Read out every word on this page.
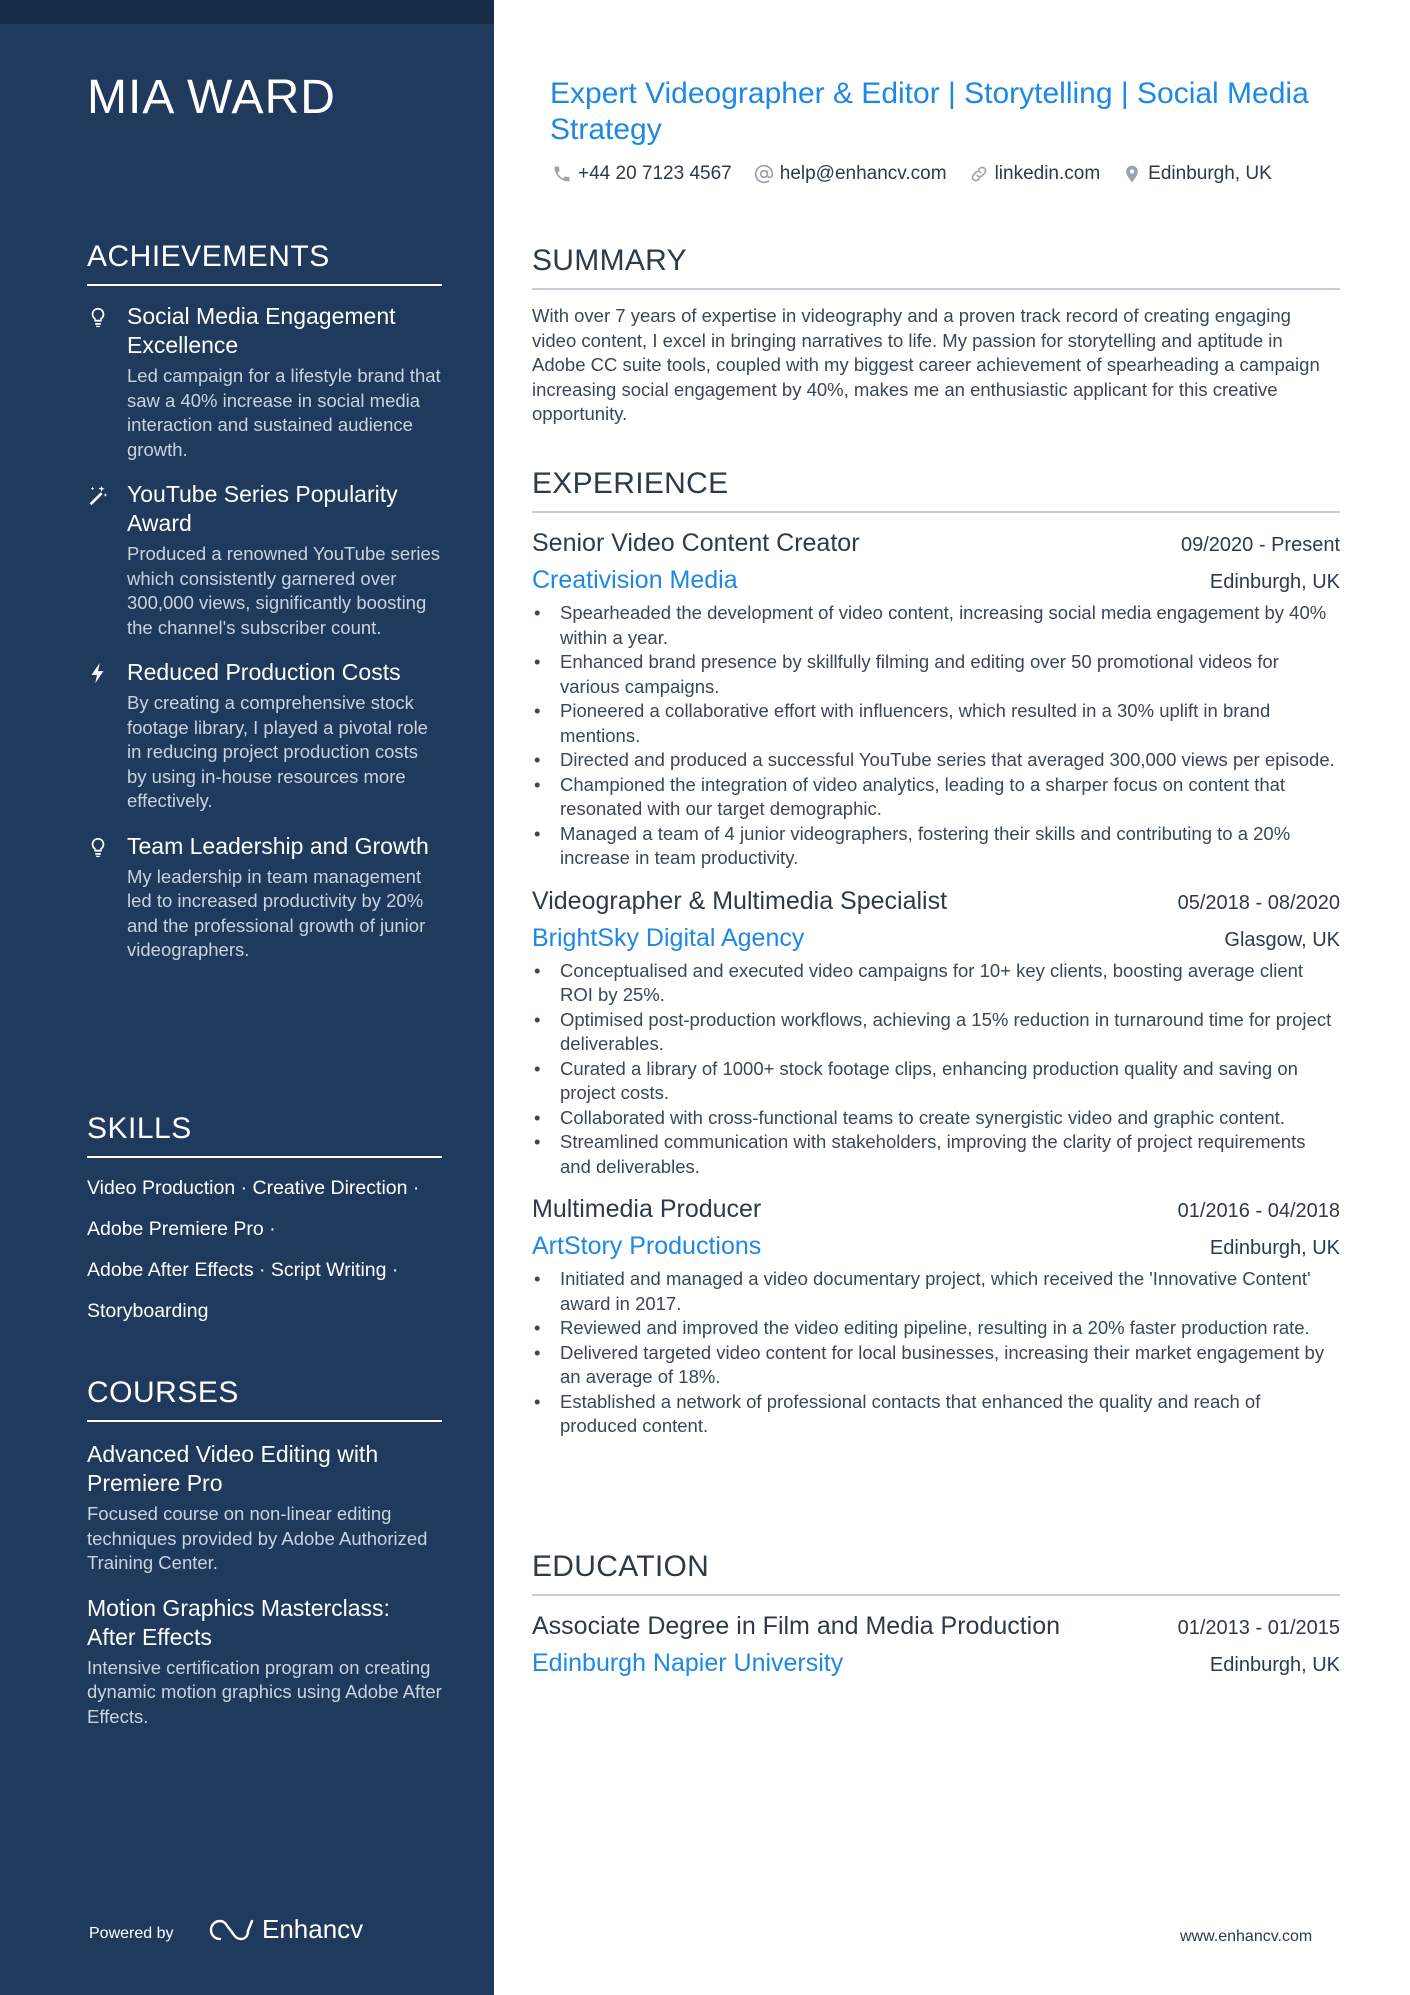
MIA WARD
ACHIEVEMENTS
Social Media Engagement Excellence
Led campaign for a lifestyle brand that saw a 40% increase in social media interaction and sustained audience growth.
YouTube Series Popularity Award
Produced a renowned YouTube series which consistently garnered over 300,000 views, significantly boosting the channel's subscriber count.
Reduced Production Costs
By creating a comprehensive stock footage library, I played a pivotal role in reducing project production costs by using in-house resources more effectively.
Team Leadership and Growth
My leadership in team management led to increased productivity by 20% and the professional growth of junior videographers.
SKILLS
Video Production · Creative Direction ·
Adobe Premiere Pro ·
Adobe After Effects · Script Writing ·
Storyboarding
COURSES
Advanced Video Editing with Premiere Pro
Focused course on non-linear editing techniques provided by Adobe Authorized Training Center.
Motion Graphics Masterclass: After Effects
Intensive certification program on creating dynamic motion graphics using Adobe After Effects.
Powered by	Enhancv
Expert Videographer & Editor | Storytelling | Social Media Strategy
+44 20 7123 4567	help@enhancv.com	linkedin.com	Edinburgh, UK
SUMMARY
With over 7 years of expertise in videography and a proven track record of creating engaging video content, I excel in bringing narratives to life. My passion for storytelling and aptitude in Adobe CC suite tools, coupled with my biggest career achievement of spearheading a campaign increasing social engagement by 40%, makes me an enthusiastic applicant for this creative opportunity.
EXPERIENCE
Senior Video Content Creator	09/2020 - Present
Creativision Media	Edinburgh, UK
• Spearheaded the development of video content, increasing social media engagement by 40% within a year.
• Enhanced brand presence by skillfully filming and editing over 50 promotional videos for various campaigns.
• Pioneered a collaborative effort with influencers, which resulted in a 30% uplift in brand mentions.
• Directed and produced a successful YouTube series that averaged 300,000 views per episode.
• Championed the integration of video analytics, leading to a sharper focus on content that resonated with our target demographic.
• Managed a team of 4 junior videographers, fostering their skills and contributing to a 20% increase in team productivity.
Videographer & Multimedia Specialist	05/2018 - 08/2020
BrightSky Digital Agency	Glasgow, UK
• Conceptualised and executed video campaigns for 10+ key clients, boosting average client ROI by 25%.
• Optimised post-production workflows, achieving a 15% reduction in turnaround time for project deliverables.
• Curated a library of 1000+ stock footage clips, enhancing production quality and saving on project costs.
• Collaborated with cross-functional teams to create synergistic video and graphic content.
• Streamlined communication with stakeholders, improving the clarity of project requirements and deliverables.
Multimedia Producer	01/2016 - 04/2018
ArtStory Productions	Edinburgh, UK
• Initiated and managed a video documentary project, which received the 'Innovative Content' award in 2017.
• Reviewed and improved the video editing pipeline, resulting in a 20% faster production rate.
• Delivered targeted video content for local businesses, increasing their market engagement by an average of 18%.
• Established a network of professional contacts that enhanced the quality and reach of produced content.
EDUCATION
Associate Degree in Film and Media Production	01/2013 - 01/2015
Edinburgh Napier University	Edinburgh, UK
www.enhancv.com
